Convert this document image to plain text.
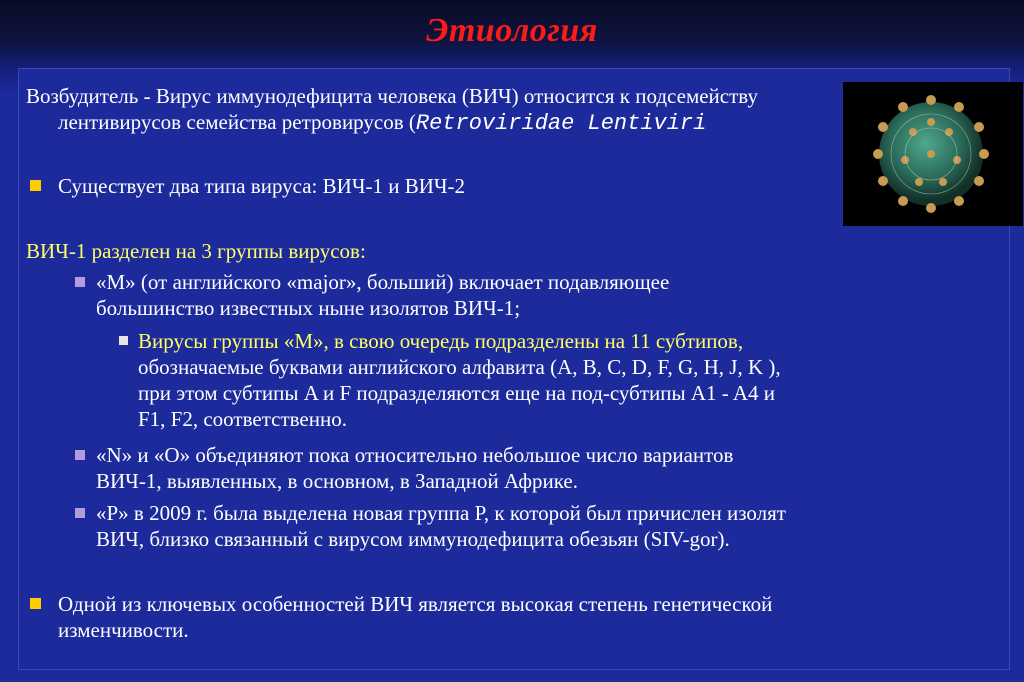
Этиология
Возбудитель - Вирус иммунодефицита человека (ВИЧ) относится к подсемейству
лентивирусов семейства ретровирусов (Retroviridae Lentiviri
Существует два типа вируса: ВИЧ-1 и ВИЧ-2
ВИЧ-1 разделен на 3 группы вирусов:
«М» (от английского «major», больший) включает подавляющее
большинство известных ныне изолятов ВИЧ-1;
Вирусы группы «М», в свою очередь подразделены на 11 субтипов,
обозначаемые буквами английского алфавита (A, B, C, D, F, G, H, J, K ),
при этом субтипы A и F подразделяются еще на под-субтипы A1 - A4 и
F1, F2, соответственно.
«N» и «O» объединяют пока относительно небольшое число вариантов
ВИЧ-1, выявленных, в основном, в Западной Африке.
«P» в 2009 г. была выделена новая группа P, к которой был причислен изолят
ВИЧ, близко связанный с вирусом иммунодефицита обезьян (SIV-gor).
Одной из ключевых особенностей ВИЧ является высокая степень генетической
изменчивости.
